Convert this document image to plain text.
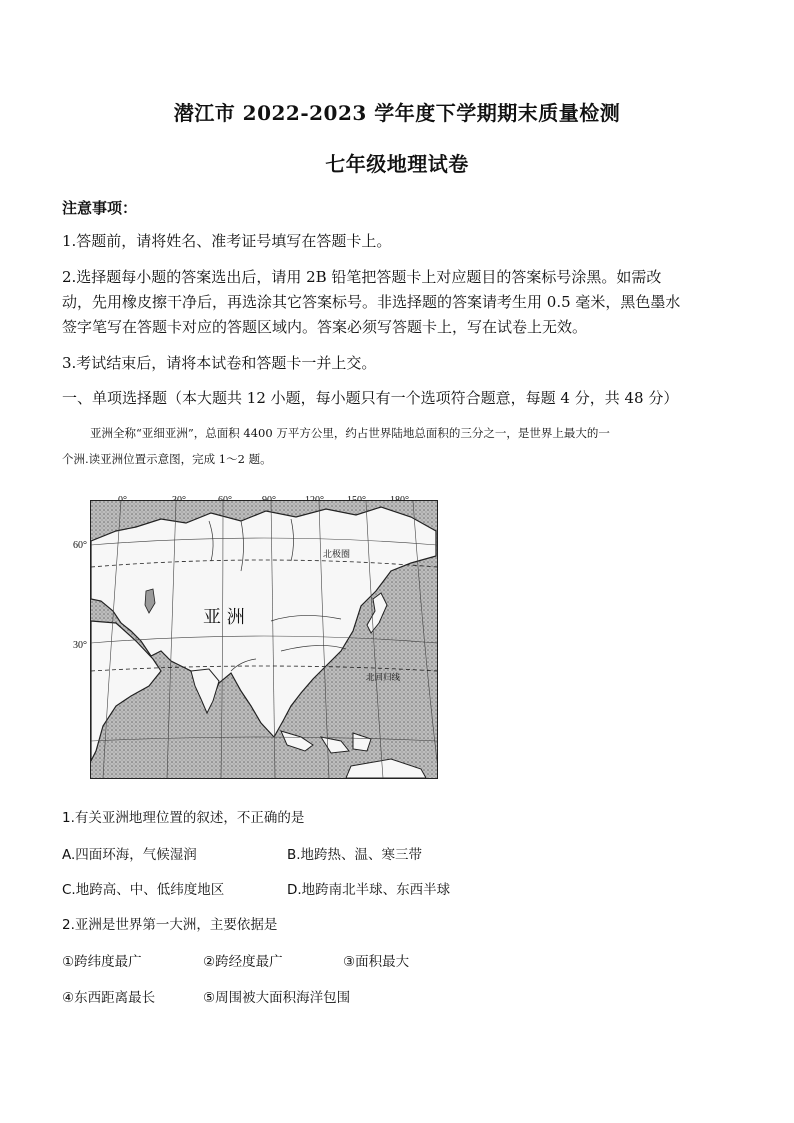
潜江市 2022-2023 学年度下学期期末质量检测
七年级地理试卷
注意事项：
1.答题前，请将姓名、准考证号填写在答题卡上。
2.选择题每小题的答案选出后，请用 2B 铅笔把答题卡上对应题目的答案标号涂黑。如需改
动，先用橡皮擦干净后，再选涂其它答案标号。非选择题的答案请考生用 0.5 毫米，黑色墨水
签字笔写在答题卡对应的答题区域内。答案必须写答题卡上，写在试卷上无效。
3.考试结束后，请将本试卷和答题卡一并上交。
一、单项选择题（本大题共 12 小题，每小题只有一个选项符合题意，每题 4 分，共 48 分）
亚洲全称“亚细亚洲”，总面积 4400 万平方公里，约占世界陆地总面积的三分之一，是世界上最大的一
个洲.读亚洲位置示意图，完成 1～2 题。
60°
30°
北极圈
北回归线
亚 洲
1.有关亚洲地理位置的叙述，不正确的是
A.四面环海，气候湿润	B.地跨热、温、寒三带
C.地跨高、中、低纬度地区	D.地跨南北半球、东西半球
2.亚洲是世界第一大洲，主要依据是
①跨纬度最广	②跨经度最广	③面积最大
④东西距离最长	⑤周围被大面积海洋包围
